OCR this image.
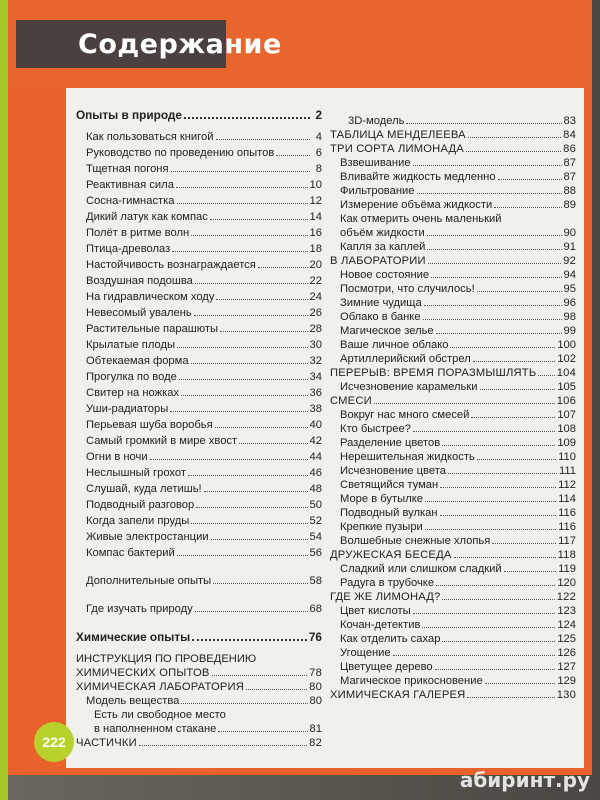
Содержание
Опыты в природе	2
Как пользоваться книгой	4
Руководство по проведению опытов	6
Тщетная погоня	8
Реактивная сила	10
Сосна-гимнастка	12
Дикий латук как компас	14
Полёт в ритме волн	16
Птица-древолаз	18
Настойчивость вознаграждается	20
Воздушная подошва	22
На гидравлическом ходу	24
Невесомый увалень	26
Растительные парашюты	28
Крылатые плоды	30
Обтекаемая форма	32
Прогулка по воде	34
Свитер на ножках	36
Уши-радиаторы	38
Перьевая шуба воробья	40
Самый громкий в мире хвост	42
Огни в ночи	44
Неслышный грохот	46
Слушай, куда летишь!	48
Подводный разговор	50
Когда запели пруды	52
Живые электростанции	54
Компас бактерий	56
Дополнительные опыты	58
Где изучать природу	68
Химические опыты	76
ИНСТРУКЦИЯ ПО ПРОВЕДЕНИЮ
ХИМИЧЕСКИХ ОПЫТОВ	78
ХИМИЧЕСКАЯ ЛАБОРАТОРИЯ	80
Модель вещества	80
Есть ли свободное место
в наполненном стакане	81
ЧАСТИЧКИ	82
3D-модель	83
ТАБЛИЦА МЕНДЕЛЕЕВА	84
ТРИ СОРТА ЛИМОНАДА	86
Взвешивание	87
Вливайте жидкость медленно	87
Фильтрование	88
Измерение объёма жидкости	89
Как отмерить очень маленький
объём жидкости	90
Капля за каплей	91
В ЛАБОРАТОРИИ	92
Новое состояние	94
Посмотри, что случилось!	95
Зимние чудища	96
Облако в банке	98
Магическое зелье	99
Ваше личное облако	100
Артиллерийский обстрел	102
ПЕРЕРЫВ: ВРЕМЯ ПОРАЗМЫШЛЯТЬ 104
Исчезновение карамельки	105
СМЕСИ	106
Вокруг нас много смесей	107
Кто быстрее?	108
Разделение цветов	109
Нерешительная жидкость	110
Исчезновение цвета	111
Светящийся туман	112
Море в бутылке	114
Подводный вулкан	116
Крепкие пузыри	116
Волшебные снежные хлопья	117
ДРУЖЕСКАЯ БЕСЕДА	118
Сладкий или слишком сладкий	119
Радуга в трубочке	120
ГДЕ ЖЕ ЛИМОНАД?	122
Цвет кислоты	123
Кочан-детектив	124
Как отделить сахар	125
Угощение	126
Цветущее дерево	127
Магическое прикосновение	129
ХИМИЧЕСКАЯ ГАЛЕРЕЯ	130
222
абиринт.ру
